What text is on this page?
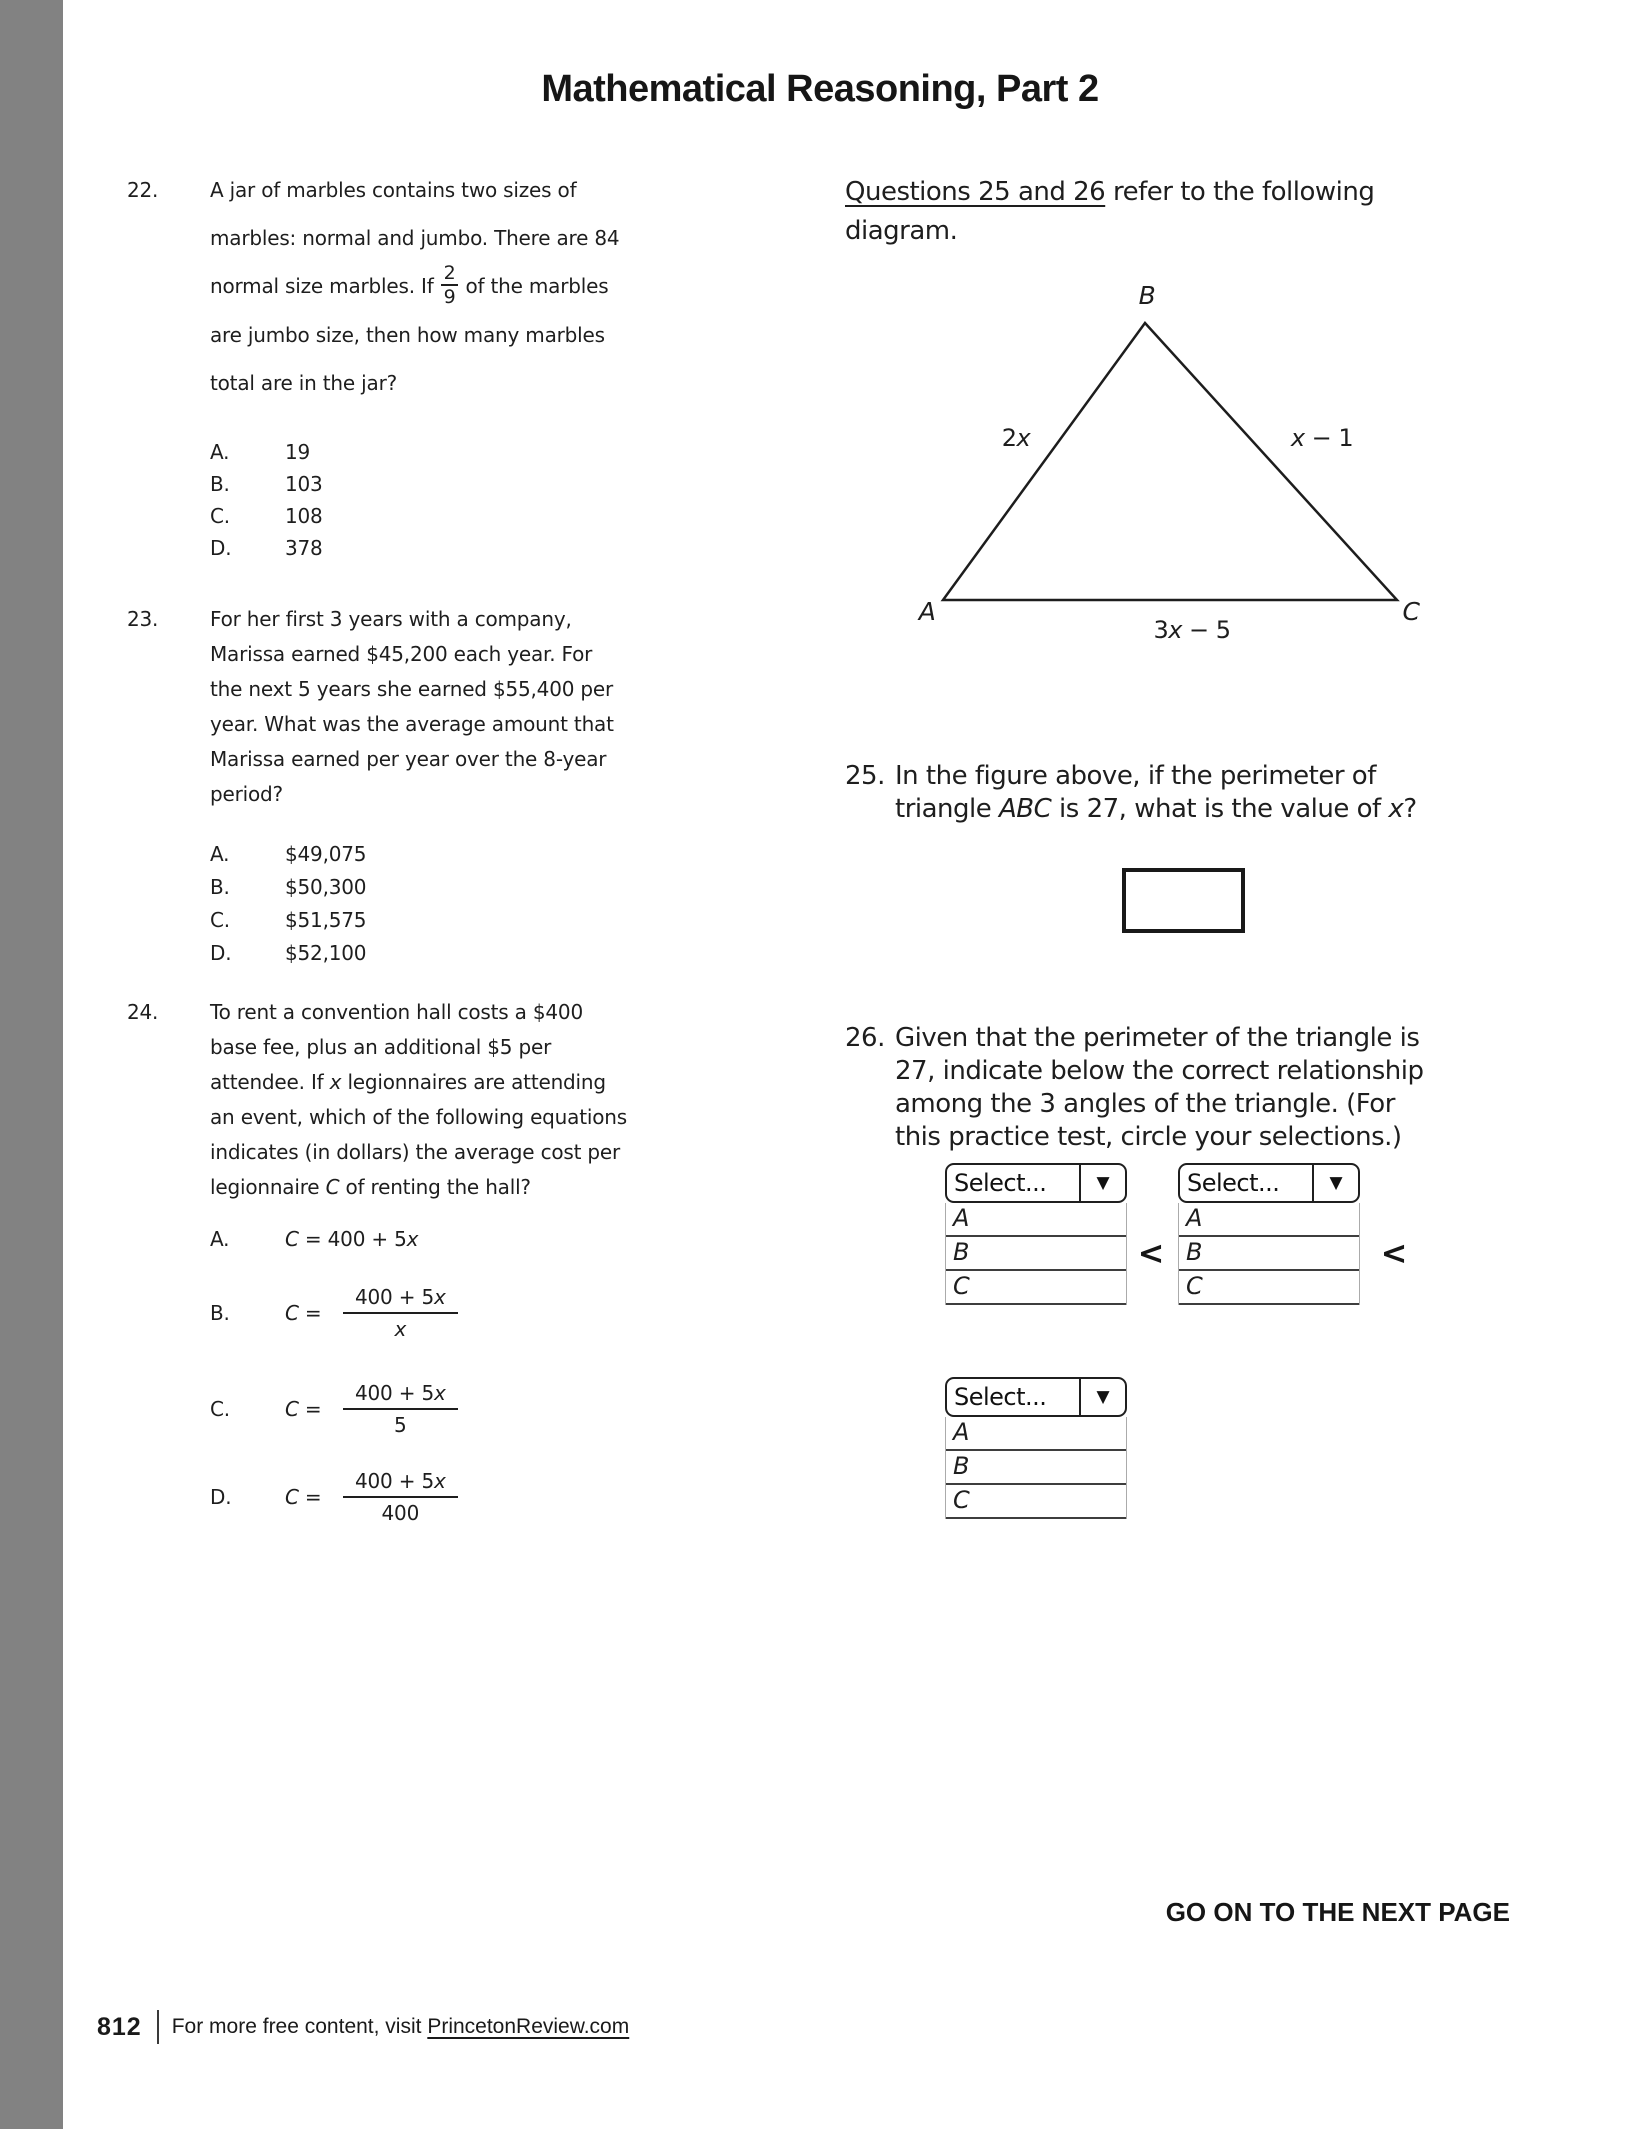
Mathematical Reasoning, Part 2
22.	A jar of marbles contains two sizes of
marbles: normal and jumbo. There are 84
normal size marbles. If $\frac{2}{9}$ of the marbles
are jumbo size, then how many marbles
total are in the jar?
A.	19
B.	103
C.	108
D.	378
23.	For her first 3 years with a company,
Marissa earned $45,200 each year. For
the next 5 years she earned $55,400 per
year. What was the average amount that
Marissa earned per year over the 8-year
period?
A.	$49,075
B.	$50,300
C.	$51,575
D.	$52,100
24.	To rent a convention hall costs a $400
base fee, plus an additional $5 per
attendee. If x legionnaires are attending
an event, which of the following equations
indicates (in dollars) the average cost per
legionnaire C of renting the hall?
A.	C = 400 + 5x
B.	C =	$\frac{400 + 5x}{x}$
C.	C =	$\frac{400 + 5x}{5}$
D.	C =	$\frac{400 + 5x}{400}$
Questions 25 and 26 refer to the following
diagram.
B
A	C
2x	x − 1
3x − 5
25. In the figure above, if the perimeter of
triangle ABC is 27, what is the value of x?
26. Given that the perimeter of the triangle is
27, indicate below the correct relationship
among the 3 angles of the triangle. (For
this practice test, circle your selections.)
Select...	▼
A
B
C
<
Select...	▼
A
B
C
<
Select...	▼
A
B
C
GO ON TO THE NEXT PAGE
812 For more free content, visit PrincetonReview.com
